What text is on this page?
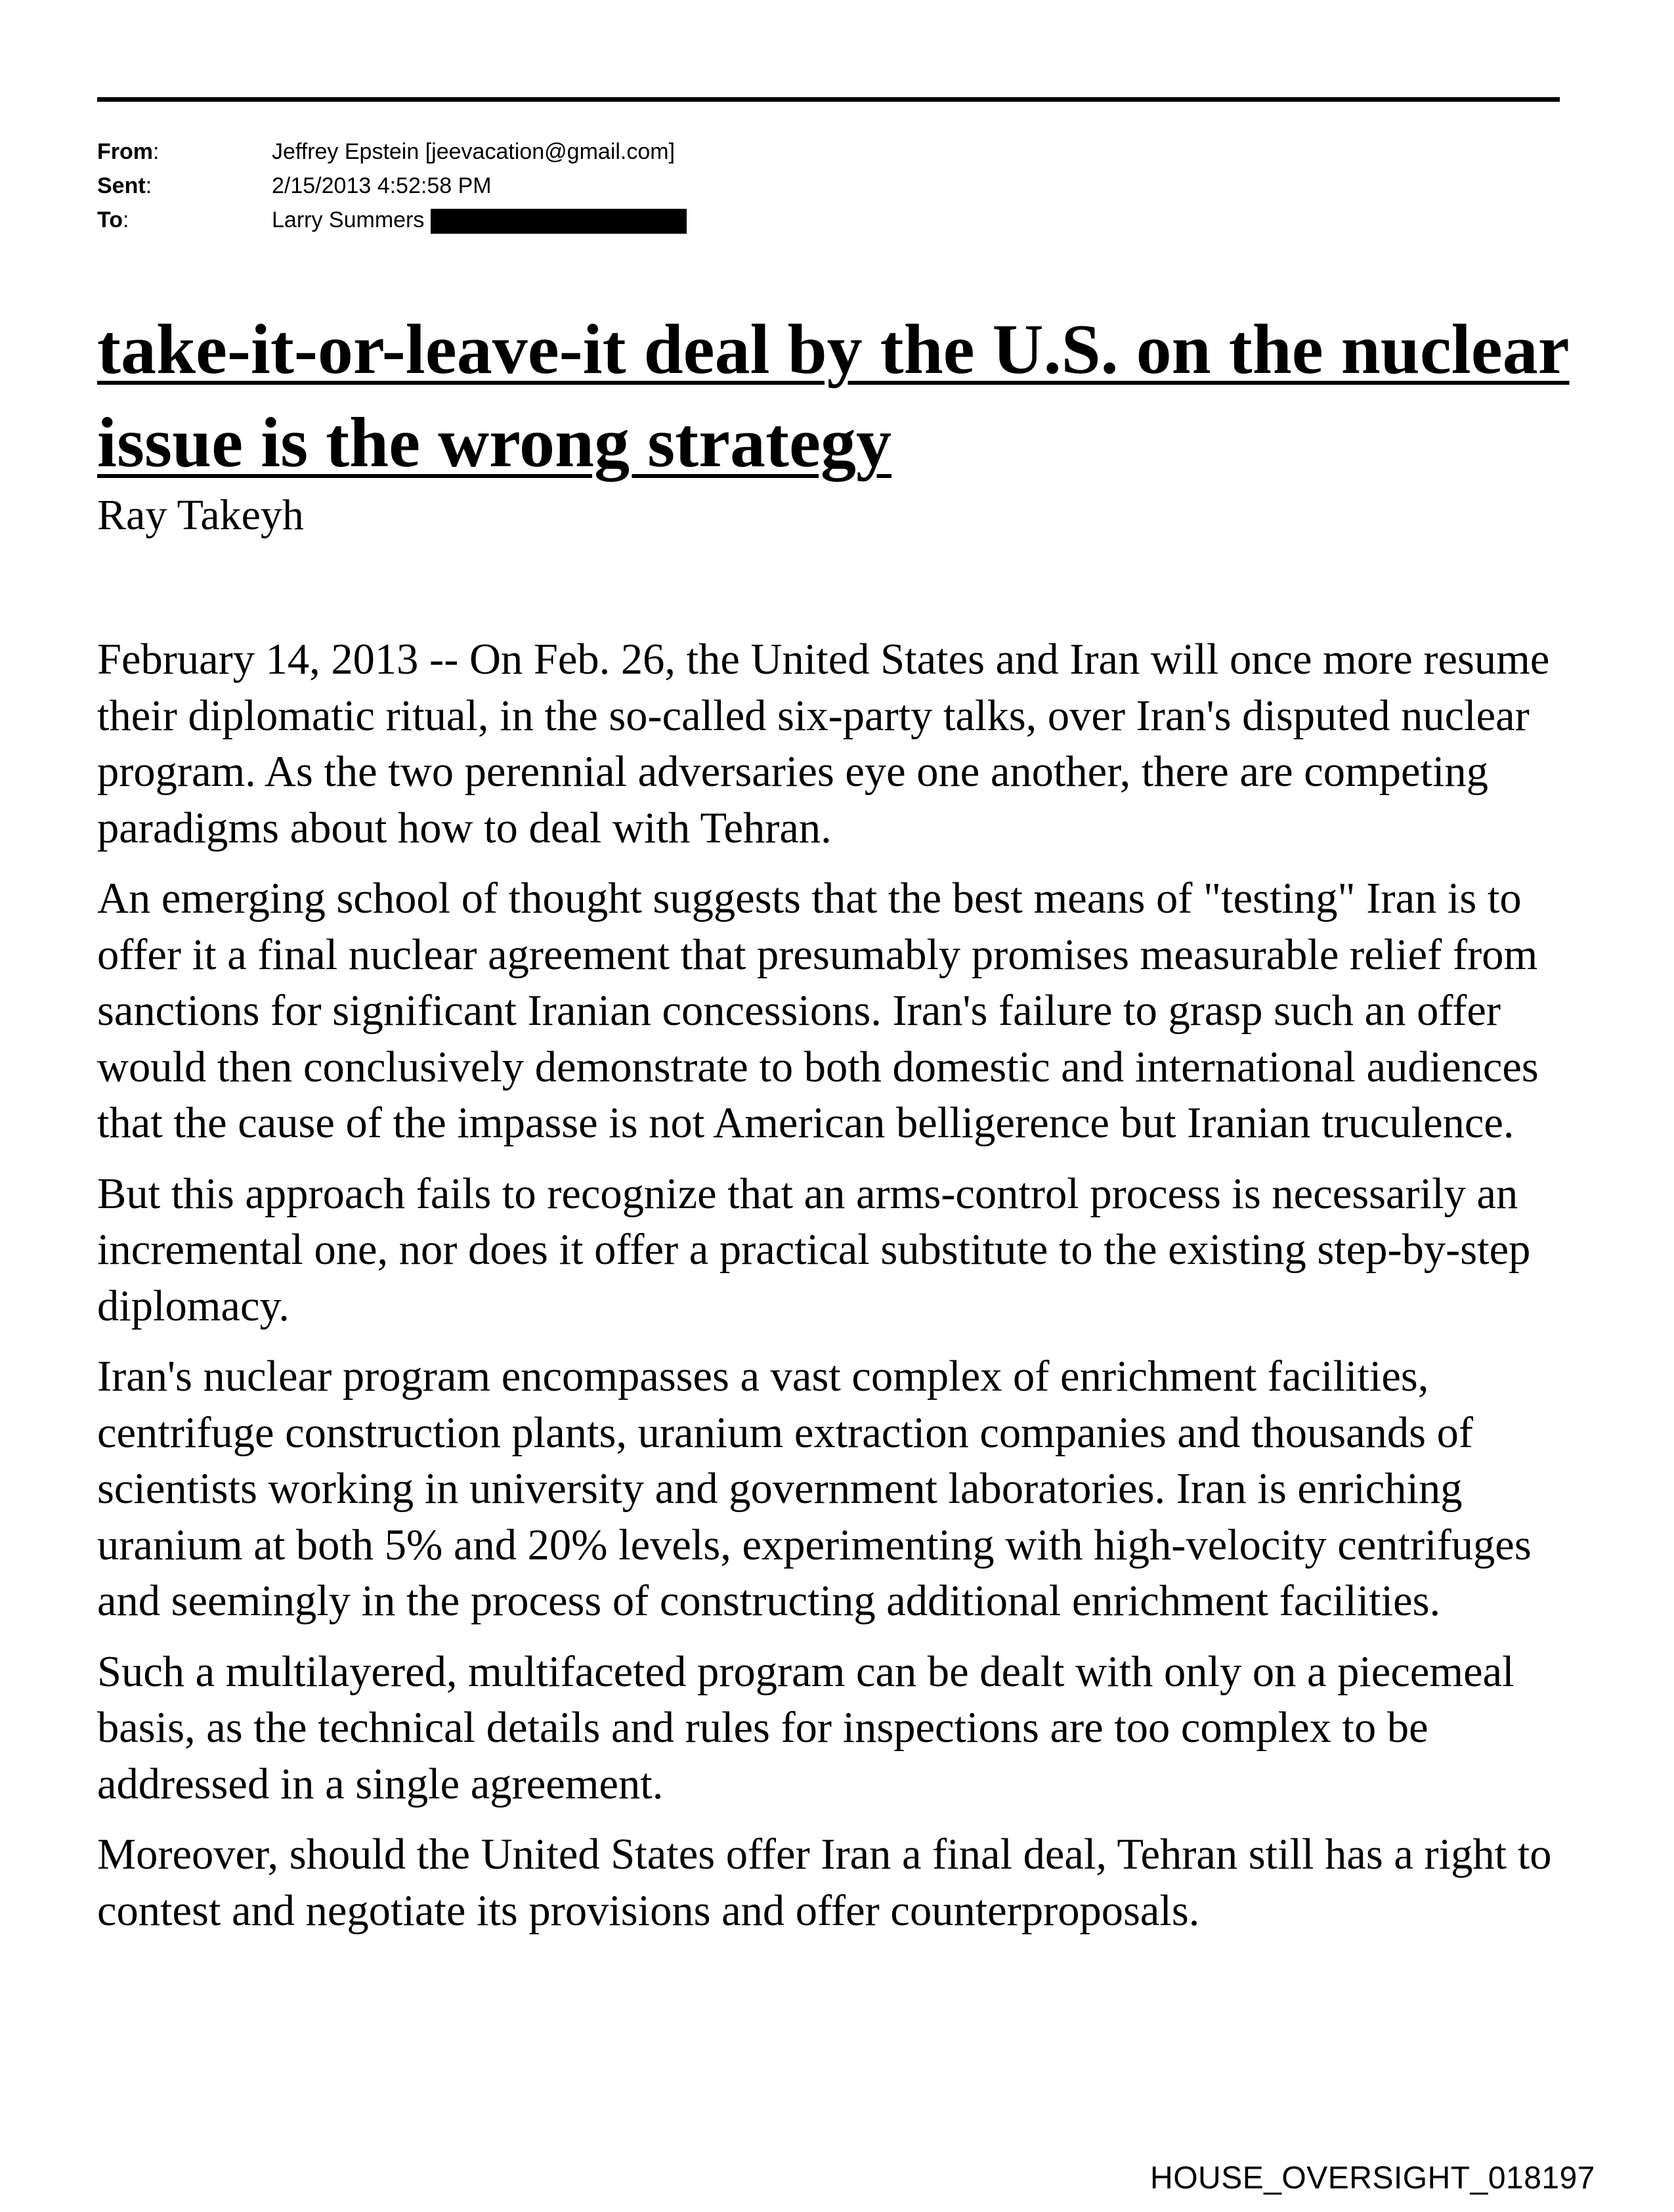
From:	Jeffrey Epstein [jeevacation@gmail.com]
Sent:	2/15/2013 4:52:58 PM
To:	Larry Summers
take-it-or-leave-it deal by the U.S. on the nuclear issue is the wrong strategy
Ray Takeyh

February 14, 2013 -- On Feb. 26, the United States and Iran will once more resume their diplomatic ritual, in the so-called six-party talks, over Iran's disputed nuclear program. As the two perennial adversaries eye one another, there are competing paradigms about how to deal with Tehran.

An emerging school of thought suggests that the best means of "testing" Iran is to offer it a final nuclear agreement that presumably promises measurable relief from sanctions for significant Iranian concessions. Iran's failure to grasp such an offer would then conclusively demonstrate to both domestic and international audiences that the cause of the impasse is not American belligerence but Iranian truculence.

But this approach fails to recognize that an arms-control process is necessarily an incremental one, nor does it offer a practical substitute to the existing step-by-step diplomacy.

Iran's nuclear program encompasses a vast complex of enrichment facilities, centrifuge construction plants, uranium extraction companies and thousands of scientists working in university and government laboratories. Iran is enriching uranium at both 5% and 20% levels, experimenting with high-velocity centrifuges and seemingly in the process of constructing additional enrichment facilities.

Such a multilayered, multifaceted program can be dealt with only on a piecemeal basis, as the technical details and rules for inspections are too complex to be addressed in a single agreement.

Moreover, should the United States offer Iran a final deal, Tehran still has a right to contest and negotiate its provisions and offer counterproposals.

HOUSE_OVERSIGHT_018197
